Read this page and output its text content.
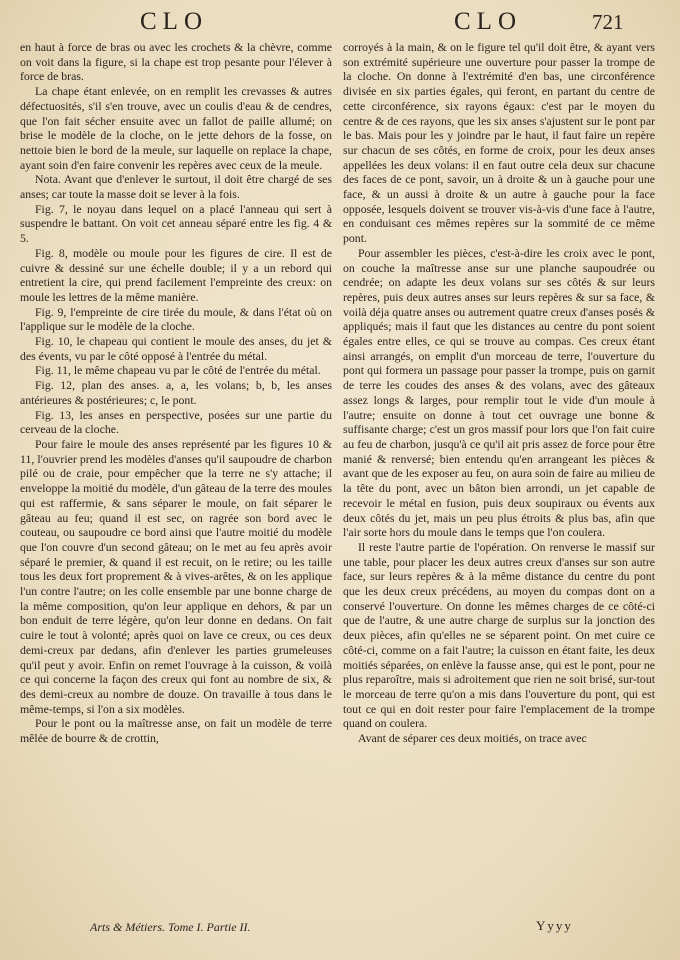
CLO	CLO	721

en haut à force de bras ou avec les crochets & la chèvre, comme on voit dans la figure, si la chape est trop pesante pour l'élever à force de bras.

La chape étant enlevée, on en remplit les crevasses & autres défectuosités, s'il s'en trouve, avec un coulis d'eau & de cendres, que l'on fait sécher ensuite avec un fallot de paille allumé; on brise le modèle de la cloche, on le jette dehors de la fosse, on nettoie bien le bord de la meule, sur laquelle on replace la chape, ayant soin d'en faire convenir les repères avec ceux de la meule.

Nota. Avant que d'enlever le surtout, il doit être chargé de ses anses; car toute la masse doit se lever à la fois.

Fig. 7, le noyau dans lequel on a placé l'anneau qui sert à suspendre le battant. On voit cet anneau séparé entre les fig. 4 & 5.

Fig. 8, modèle ou moule pour les figures de cire. Il est de cuivre & dessiné sur une échelle double; il y a un rebord qui entretient la cire, qui prend facilement l'empreinte des creux: on moule les lettres de la même manière.

Fig. 9, l'empreinte de cire tirée du moule, & dans l'état où on l'applique sur le modèle de la cloche.

Fig. 10, le chapeau qui contient le moule des anses, du jet & des évents, vu par le côté opposé à l'entrée du métal.

Fig. 11, le même chapeau vu par le côté de l'entrée du métal.

Fig. 12, plan des anses. a, a, les volans; b, b, les anses antérieures & postérieures; c, le pont.

Fig. 13, les anses en perspective, posées sur une partie du cerveau de la cloche.

Pour faire le moule des anses représenté par les figures 10 & 11, l'ouvrier prend les modèles d'anses qu'il saupoudre de charbon pilé ou de craie, pour empêcher que la terre ne s'y attache; il enveloppe la moitié du modèle, d'un gâteau de la terre des moules qui est raffermie, & sans séparer le moule, on fait séparer le gâteau au feu; quand il est sec, on ragrée son bord avec le couteau, ou saupoudre ce bord ainsi que l'autre moitié du modèle que l'on couvre d'un second gâteau; on le met au feu après avoir séparé le premier, & quand il est recuit, on le retire; ou les taille tous les deux fort proprement & à vives-arêtes, & on les applique l'un contre l'autre; on les colle ensemble par une bonne charge de la même composition, qu'on leur applique en dehors, & par un bon enduit de terre légère, qu'on leur donne en dedans. On fait cuire le tout à volonté; après quoi on lave ce creux, ou ces deux demi-creux par dedans, afin d'enlever les parties grumeleuses qu'il peut y avoir. Enfin on remet l'ouvrage à la cuisson, & voilà ce qui concerne la façon des creux qui font au nombre de six, & des demi-creux au nombre de douze. On travaille à tous dans le même-temps, si l'on a six modèles.

Pour le pont ou la maîtresse anse, on fait un modèle de terre mêlée de bourre & de crottin,

corroyés à la main, & on le figure tel qu'il doit être, & ayant vers son extrémité supérieure une ouverture pour passer la trompe de la cloche. On donne à l'extrémité d'en bas, une circonférence divisée en six parties égales, qui feront, en partant du centre de cette circonférence, six rayons égaux: c'est par le moyen du centre & de ces rayons, que les six anses s'ajustent sur le pont par le bas. Mais pour les y joindre par le haut, il faut faire un repère sur chacun de ses côtés, en forme de croix, pour les deux anses appellées les deux volans: il en faut outre cela deux sur chacune des faces de ce pont, savoir, un à droite & un à gauche pour une face, & un aussi à droite & un autre à gauche pour la face opposée, lesquels doivent se trouver vis-à-vis d'une face à l'autre, en conduisant ces mêmes repères sur la sommité de ce même pont.

Pour assembler les pièces, c'est-à-dire les croix avec le pont, on couche la maîtresse anse sur une planche saupoudrée ou cendrée; on adapte les deux volans sur ses côtés & sur leurs repères, puis deux autres anses sur leurs repères & sur sa face, & voilà déja quatre anses ou autrement quatre creux d'anses posés & appliqués; mais il faut que les distances au centre du pont soient égales entre elles, ce qui se trouve au compas. Ces creux étant ainsi arrangés, on emplit d'un morceau de terre, l'ouverture du pont qui formera un passage pour passer la trompe, puis on garnit de terre les coudes des anses & des volans, avec des gâteaux assez longs & larges, pour remplir tout le vide d'un moule à l'autre; ensuite on donne à tout cet ouvrage une bonne & suffisante charge; c'est un gros massif pour lors que l'on fait cuire au feu de charbon, jusqu'à ce qu'il ait pris assez de force pour être manié & renversé; bien entendu qu'en arrangeant les pièces & avant que de les exposer au feu, on aura soin de faire au milieu de la tête du pont, avec un bâton bien arrondi, un jet capable de recevoir le métal en fusion, puis deux soupiraux ou évents aux deux côtés du jet, mais un peu plus étroits & plus bas, afin que l'air sorte hors du moule dans le temps que l'on coulera.

Il reste l'autre partie de l'opération. On renverse le massif sur une table, pour placer les deux autres creux d'anses sur son autre face, sur leurs repères & à la même distance du centre du pont que les deux creux précédens, au moyen du compas dont on a conservé l'ouverture. On donne les mêmes charges de ce côté-ci que de l'autre, & une autre charge de surplus sur la jonction des deux pièces, afin qu'elles ne se séparent point. On met cuire ce côté-ci, comme on a fait l'autre; la cuisson en étant faite, les deux moitiés séparées, on enlève la fausse anse, qui est le pont, pour ne plus reparoître, mais si adroitement que rien ne soit brisé, sur-tout le morceau de terre qu'on a mis dans l'ouverture du pont, qui est tout ce qui en doit rester pour faire l'emplacement de la trompe quand on coulera.

Avant de séparer ces deux moitiés, on trace avec

Arts & Métiers. Tome I. Partie II.	Yyyy
